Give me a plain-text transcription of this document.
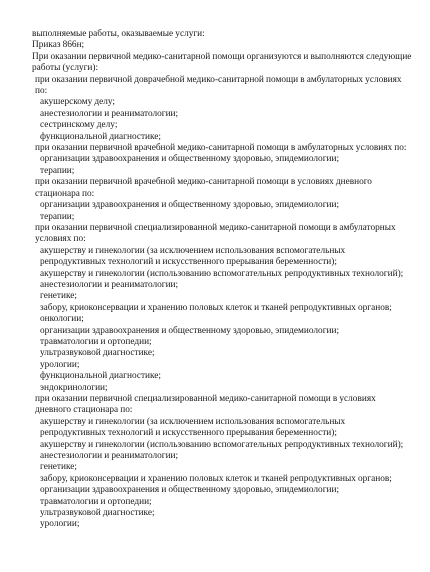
выполняемые работы, оказываемые услуги:

Приказ 866н;

При оказании первичной медико-санитарной помощи организуются и выполняются следующие работы (услуги):

при оказании первичной доврачебной медико-санитарной помощи в амбулаторных условиях по:

акушерскому делу;

анестезиологии и реаниматологии;

сестринскому делу;

функциональной диагностике;

при оказании первичной врачебной медико-санитарной помощи в амбулаторных условиях по:

организации здравоохранения и общественному здоровью, эпидемиологии;

терапии;

при оказании первичной врачебной медико-санитарной помощи в условиях дневного стационара по:

организации здравоохранения и общественному здоровью, эпидемиологии;

терапии;

при оказании первичной специализированной медико-санитарной помощи в амбулаторных условиях по:

акушерству и гинекологии (за исключением использования вспомогательных репродуктивных технологий и искусственного прерывания беременности);

акушерству и гинекологии (использованию вспомогательных репродуктивных технологий);

анестезиологии и реаниматологии;

генетике;

забору, криоконсервации и хранению половых клеток и тканей репродуктивных органов;

онкологии;

организации здравоохранения и общественному здоровью, эпидемиологии;

травматологии и ортопедии;

ультразвуковой диагностике;

урологии;

функциональной диагностике;

эндокринологии;

при оказании первичной специализированной медико-санитарной помощи в условиях дневного стационара по:

акушерству и гинекологии (за исключением использования вспомогательных репродуктивных технологий и искусственного прерывания беременности);

акушерству и гинекологии (использованию вспомогательных репродуктивных технологий);

анестезиологии и реаниматологии;

генетике;

забору, криоконсервации и хранению половых клеток и тканей репродуктивных органов;

организации здравоохранения и общественному здоровью, эпидемиологии;

травматологии и ортопедии;

ультразвуковой диагностике;

урологии;
